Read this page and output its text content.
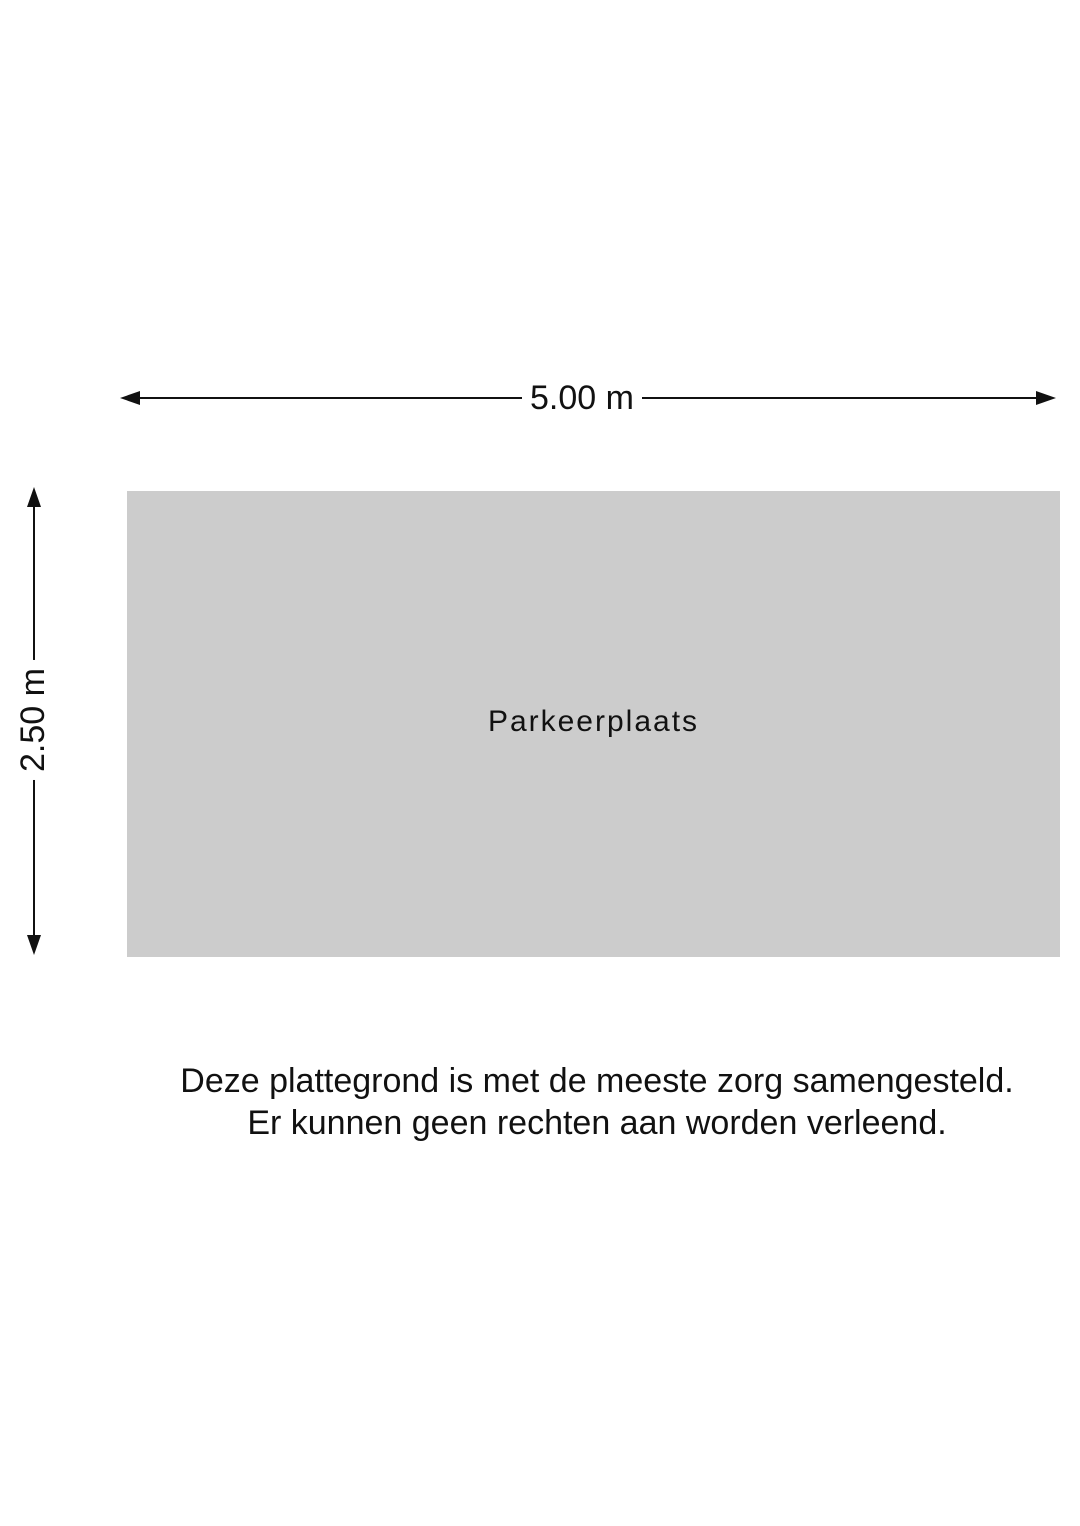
5.00 m
2.50 m	Parkeerplaats
Deze plattegrond is met de meeste zorg samengesteld.
Er kunnen geen rechten aan worden verleend.
